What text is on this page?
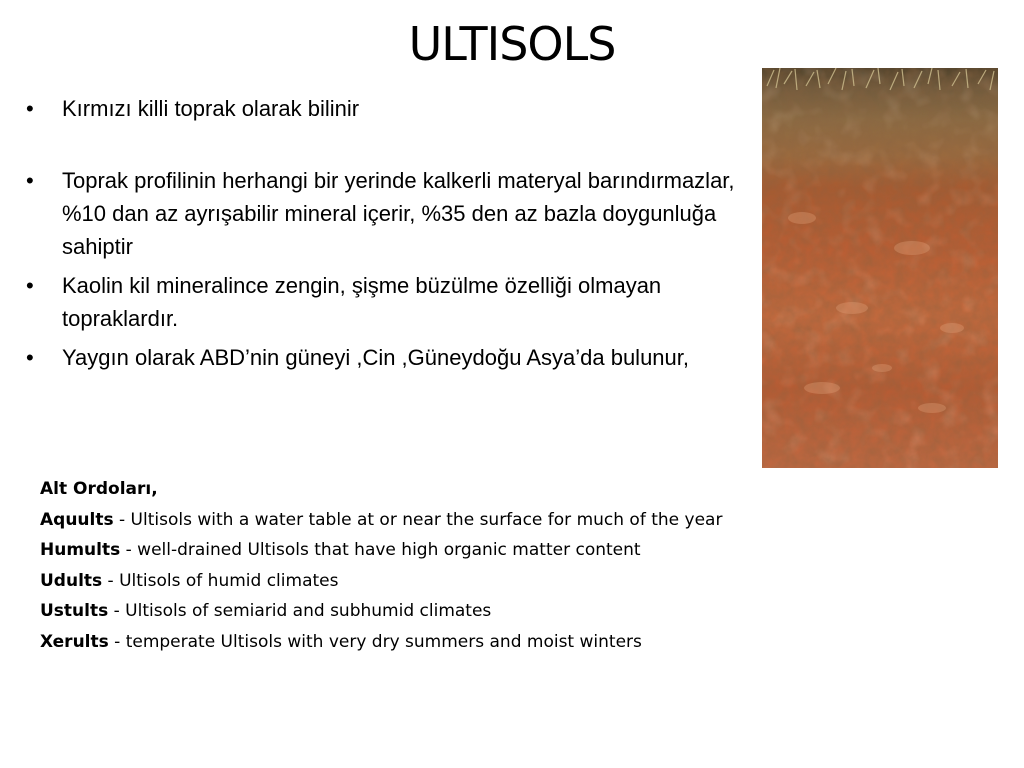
ULTISOLS
• Kırmızı killi toprak olarak bilinir
• Toprak profilinin herhangi bir yerinde kalkerli materyal barındırmazlar, %10 dan az ayrışabilir mineral içerir, %35 den az bazla doygunluğa sahiptir
• Kaolin kil mineralince zengin, şişme büzülme özelliği olmayan topraklardır.
• Yaygın olarak ABD’nin güneyi ,Cin ,Güneydoğu Asya’da bulunur,
Alt Ordoları,
Aquults - Ultisols with a water table at or near the surface for much of the year
Humults - well-drained Ultisols that have high organic matter content
Udults - Ultisols of humid climates
Ustults - Ultisols of semiarid and subhumid climates
Xerults - temperate Ultisols with very dry summers and moist winters
